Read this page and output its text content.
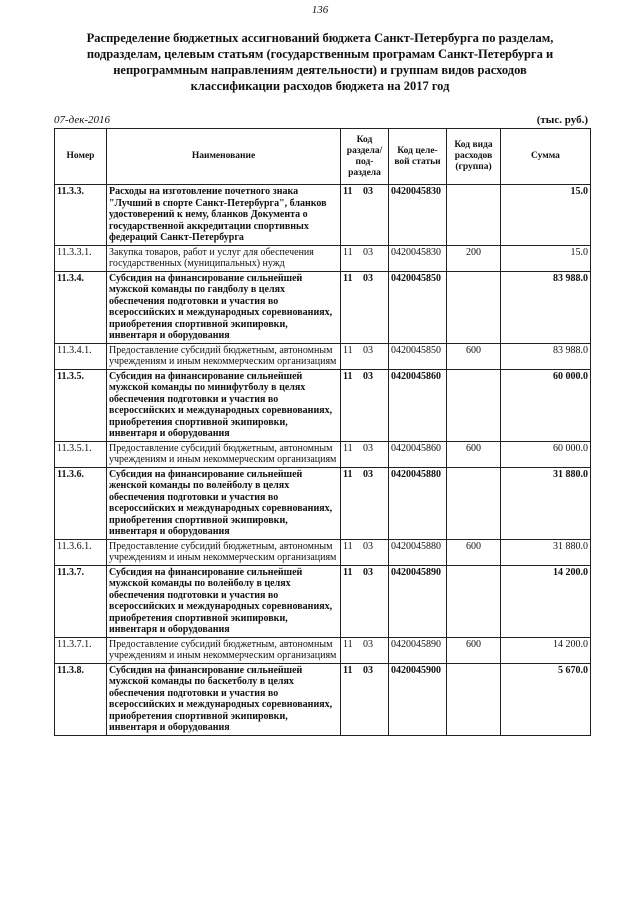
136
Распределение бюджетных ассигнований бюджета Санкт-Петербурга по разделам, подразделам, целевым статьям (государственным програмам Санкт-Петербурга и непрограммным направлениям деятельности) и группам видов расходов классификации расходов бюджета на 2017 год
07-дек-2016	(тыс. руб.)
Номер	Наименование	Код раздела/ под- раздела	Код целе- вой статьи	Код вида расходов (группа)	Сумма
11.3.3.	Расходы на изготовление почетного знака "Лучший в спорте Санкт-Петербурга", бланков удостоверений к нему, бланков Документа о государственной аккредитации спортивных федераций Санкт-Петербурга	11 03	0420045830		15.0
11.3.3.1.	Закупка товаров, работ и услуг для обеспечения государственных (муниципальных) нужд	11 03	0420045830	200	15.0
11.3.4.	Субсидия на финансирование сильнейшей мужской команды по гандболу в целях обеспечения подготовки и участия во всероссийских и международных соревнованиях, приобретения спортивной экипировки, инвентаря и оборудования	11 03	0420045850		83 988.0
11.3.4.1.	Предоставление субсидий бюджетным, автономным учреждениям и иным некоммерческим организациям	11 03	0420045850	600	83 988.0
11.3.5.	Субсидия на финансирование сильнейшей мужской команды по минифутболу в целях обеспечения подготовки и участия во всероссийских и международных соревнованиях, приобретения спортивной экипировки, инвентаря и оборудования	11 03	0420045860		60 000.0
11.3.5.1.	Предоставление субсидий бюджетным, автономным учреждениям и иным некоммерческим организациям	11 03	0420045860	600	60 000.0
11.3.6.	Субсидия на финансирование сильнейшей женской команды по волейболу в целях обеспечения подготовки и участия во всероссийских и международных соревнованиях, приобретения спортивной экипировки, инвентаря и оборудования	11 03	0420045880		31 880.0
11.3.6.1.	Предоставление субсидий бюджетным, автономным учреждениям и иным некоммерческим организациям	11 03	0420045880	600	31 880.0
11.3.7.	Субсидия на финансирование сильнейшей мужской команды по волейболу в целях обеспечения подготовки и участия во всероссийских и международных соревнованиях, приобретения спортивной экипировки, инвентаря и оборудования	11 03	0420045890		14 200.0
11.3.7.1.	Предоставление субсидий бюджетным, автономным учреждениям и иным некоммерческим организациям	11 03	0420045890	600	14 200.0
11.3.8.	Субсидия на финансирование сильнейшей мужской команды по баскетболу в целях обеспечения подготовки и участия во всероссийских и международных соревнованиях, приобретения спортивной экипировки, инвентаря и оборудования	11 03	0420045900		5 670.0
